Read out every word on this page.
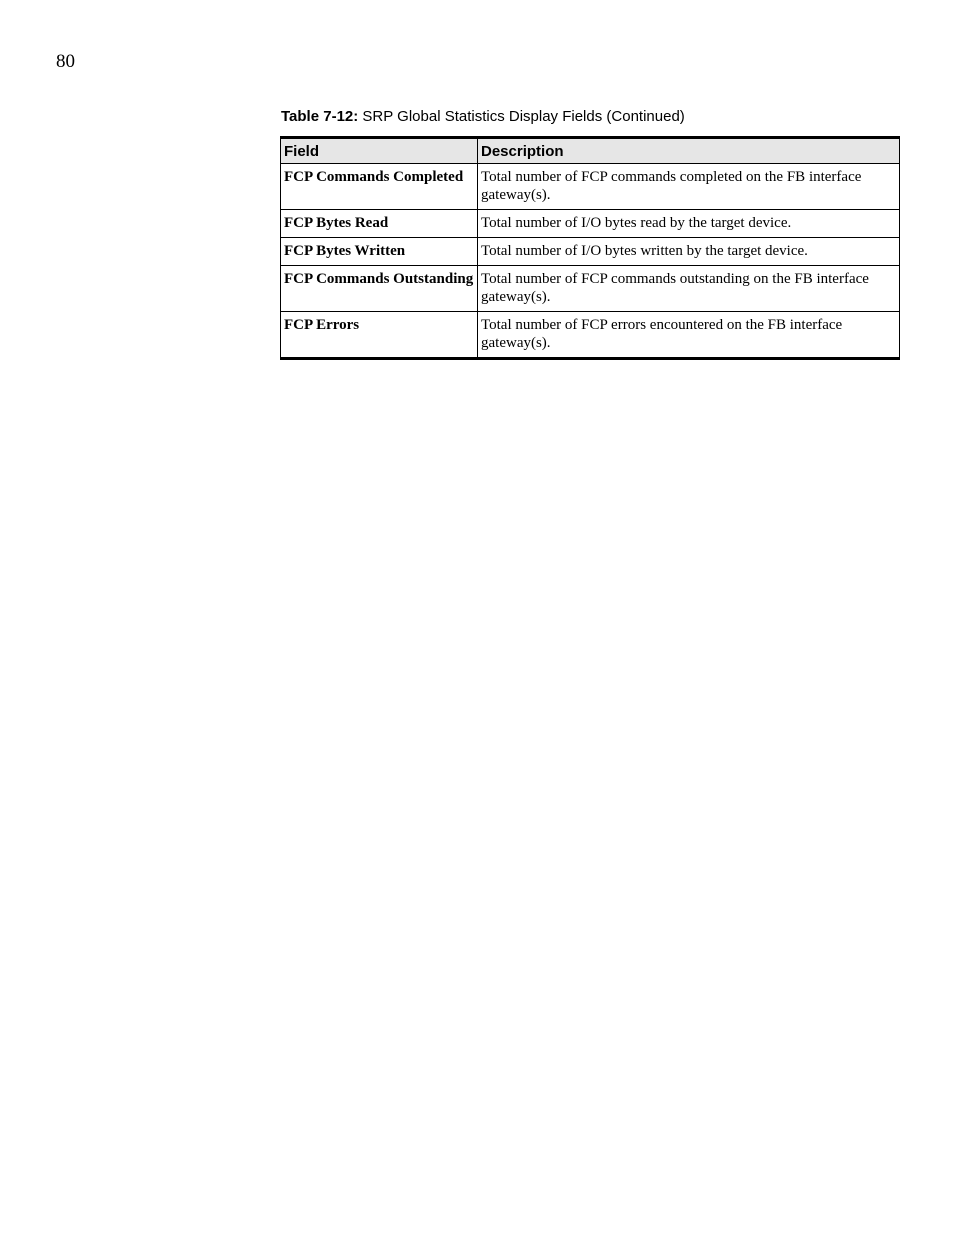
80
Table 7-12: SRP Global Statistics Display Fields (Continued)
Field	Description
FCP Commands Completed	Total number of FCP commands completed on the FB interface gateway(s).
FCP Bytes Read	Total number of I/O bytes read by the target device.
FCP Bytes Written	Total number of I/O bytes written by the target device.
FCP Commands Outstanding	Total number of FCP commands outstanding on the FB interface gateway(s).
FCP Errors	Total number of FCP errors encountered on the FB interface gateway(s).
